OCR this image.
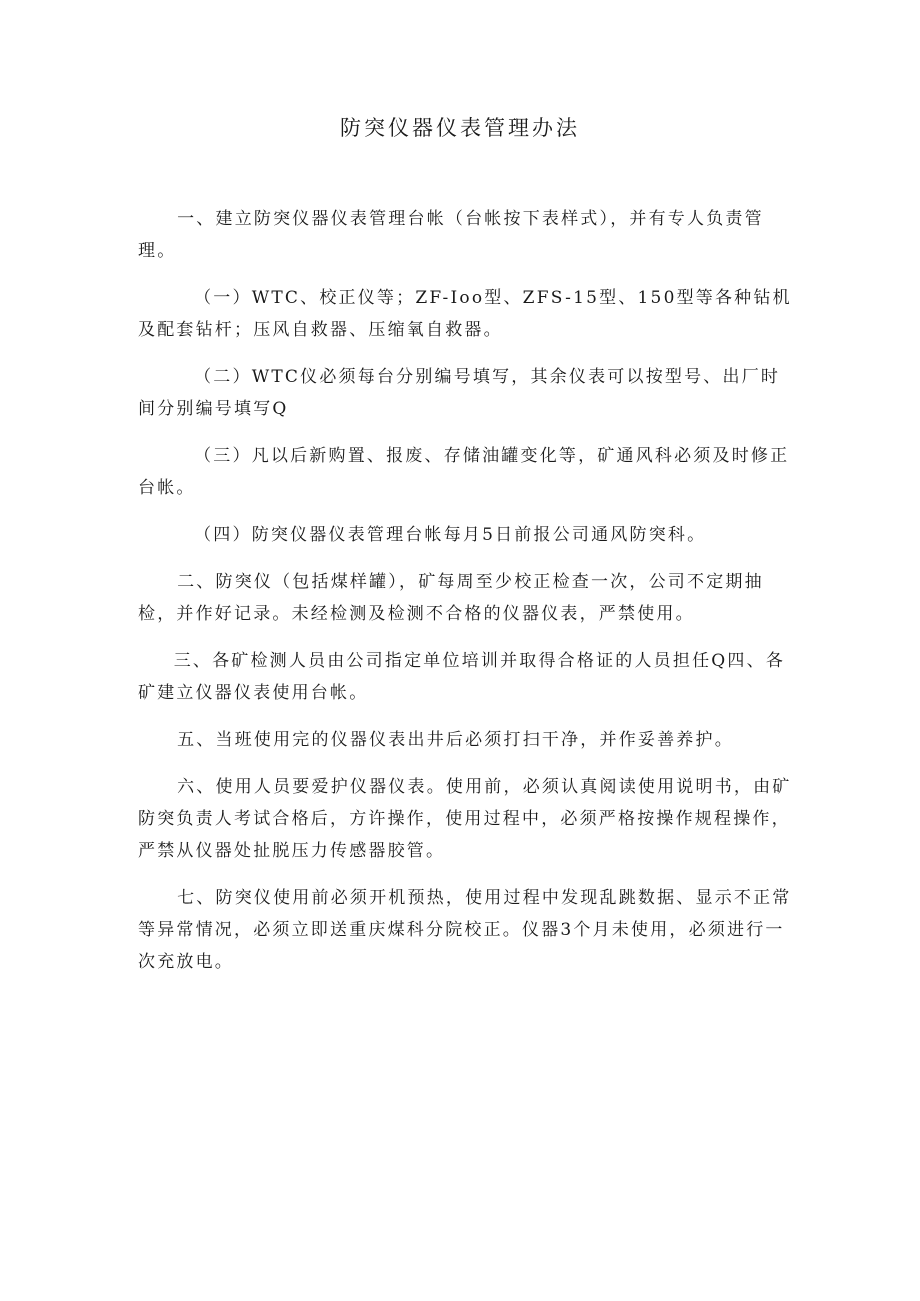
防突仪器仪表管理办法

一、建立防突仪器仪表管理台帐（台帐按下表样式），并有专人负责管理。

（一）WTC、校正仪等；ZF-Ioo型、ZFS-15型、150型等各种钻机及配套钻杆；压风自救器、压缩氧自救器。

（二）WTC仪必须每台分别编号填写，其余仪表可以按型号、出厂时间分别编号填写Q

（三）凡以后新购置、报废、存储油罐变化等，矿通风科必须及时修正台帐。

（四）防突仪器仪表管理台帐每月5日前报公司通风防突科。

二、防突仪（包括煤样罐），矿每周至少校正检查一次，公司不定期抽检，并作好记录。未经检测及检测不合格的仪器仪表，严禁使用。

三、各矿检测人员由公司指定单位培训并取得合格证的人员担任Q四、各矿建立仪器仪表使用台帐。

五、当班使用完的仪器仪表出井后必须打扫干净，并作妥善养护。

六、使用人员要爱护仪器仪表。使用前，必须认真阅读使用说明书，由矿防突负责人考试合格后，方许操作，使用过程中，必须严格按操作规程操作，严禁从仪器处扯脱压力传感器胶管。

七、防突仪使用前必须开机预热，使用过程中发现乱跳数据、显示不正常等异常情况，必须立即送重庆煤科分院校正。仪器3个月未使用，必须进行一次充放电。
